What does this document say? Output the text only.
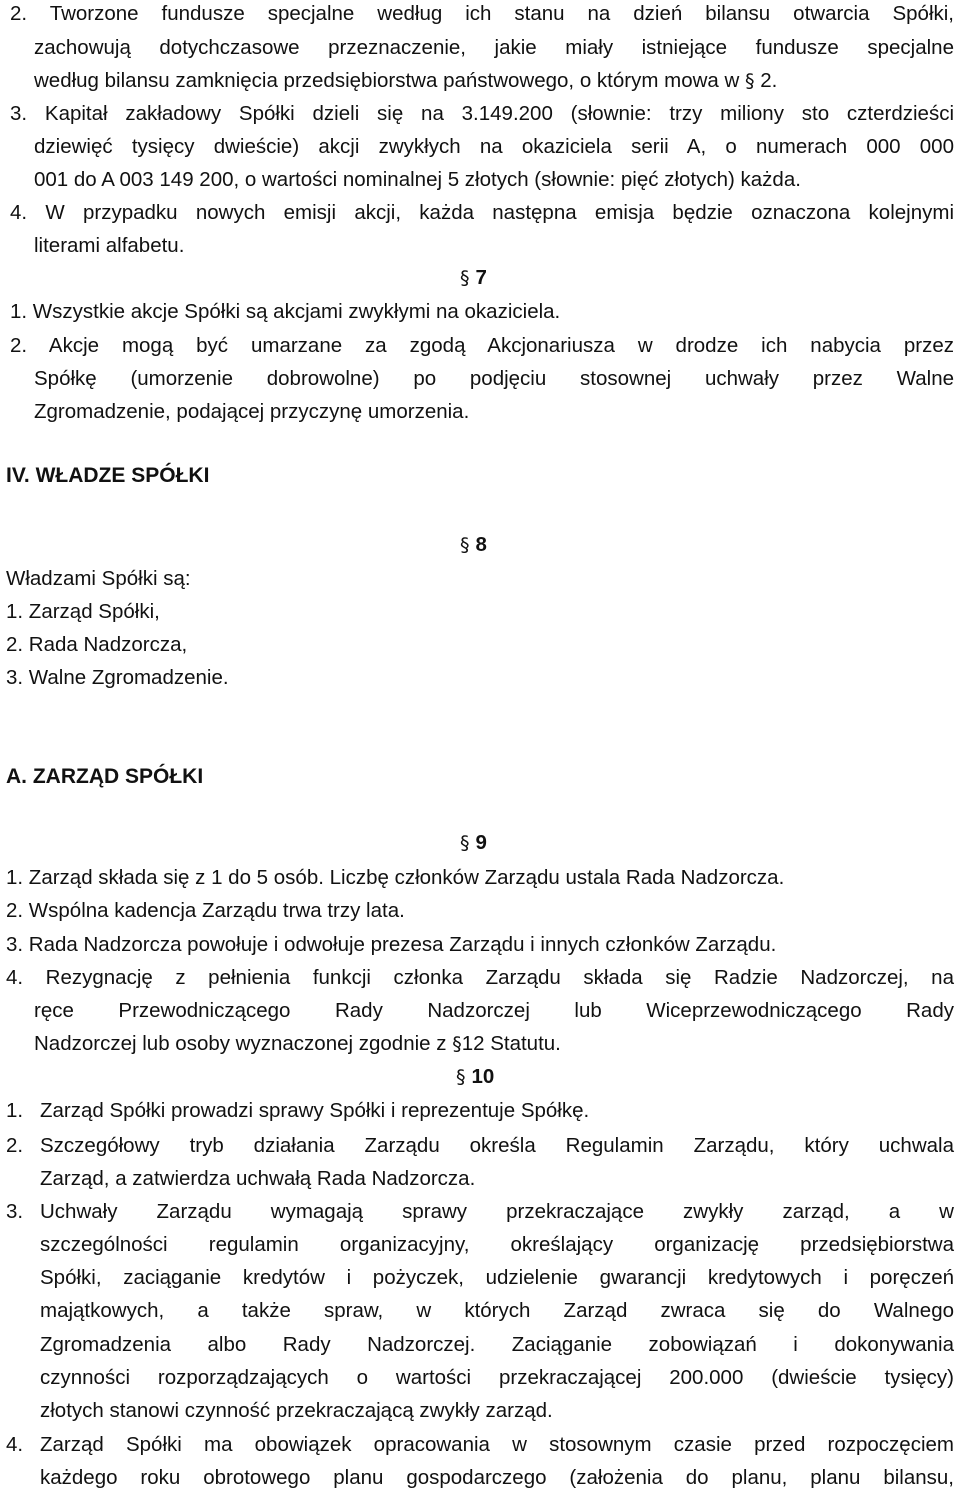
2. Tworzone fundusze specjalne według ich stanu na dzień bilansu otwarcia Spółki,
zachowują dotychczasowe przeznaczenie, jakie miały istniejące fundusze specjalne
według bilansu zamknięcia przedsiębiorstwa państwowego, o którym mowa w § 2.
3. Kapitał zakładowy Spółki dzieli się na 3.149.200 (słownie: trzy miliony sto czterdzieści
dziewięć tysięcy dwieście) akcji zwykłych na okaziciela serii A, o numerach 000 000
001 do A 003 149 200, o wartości nominalnej 5 złotych (słownie: pięć złotych) każda.
4. W przypadku nowych emisji akcji, każda następna emisja będzie oznaczona kolejnymi
literami alfabetu.
§ 7
1. Wszystkie akcje Spółki są akcjami zwykłymi na okaziciela.
2. Akcje mogą być umarzane za zgodą Akcjonariusza w drodze ich nabycia przez
Spółkę (umorzenie dobrowolne) po podjęciu stosownej uchwały przez Walne
Zgromadzenie, podającej przyczynę umorzenia.
IV. WŁADZE SPÓŁKI
§ 8
Władzami Spółki są:
1. Zarząd Spółki,
2. Rada Nadzorcza,
3. Walne Zgromadzenie.
A. ZARZĄD SPÓŁKI
§ 9
1. Zarząd składa się z 1 do 5 osób. Liczbę członków Zarządu ustala Rada Nadzorcza.
2. Wspólna kadencja Zarządu trwa trzy lata.
3. Rada Nadzorcza powołuje i odwołuje prezesa Zarządu i innych członków Zarządu.
4. Rezygnację z pełnienia funkcji członka Zarządu składa się Radzie Nadzorczej, na
ręce Przewodniczącego Rady Nadzorczej lub Wiceprzewodniczącego Rady
Nadzorczej lub osoby wyznaczonej zgodnie z §12 Statutu.
§ 10
1. Zarząd Spółki prowadzi sprawy Spółki i reprezentuje Spółkę.
2. Szczegółowy tryb działania Zarządu określa Regulamin Zarządu, który uchwala
Zarząd, a zatwierdza uchwałą Rada Nadzorcza.
3. Uchwały Zarządu wymagają sprawy przekraczające zwykły zarząd, a w
szczególności regulamin organizacyjny, określający organizację przedsiębiorstwa
Spółki, zaciąganie kredytów i pożyczek, udzielenie gwarancji kredytowych i poręczeń
majątkowych, a także spraw, w których Zarząd zwraca się do Walnego
Zgromadzenia albo Rady Nadzorczej. Zaciąganie zobowiązań i dokonywania
czynności rozporządzających o wartości przekraczającej 200.000 (dwieście tysięcy)
złotych stanowi czynność przekraczającą zwykły zarząd.
4. Zarząd Spółki ma obowiązek opracowania w stosownym czasie przed rozpoczęciem
każdego roku obrotowego planu gospodarczego (założenia do planu, planu bilansu,
